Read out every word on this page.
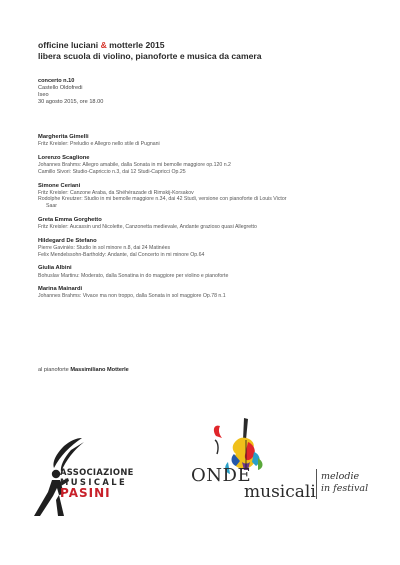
officine luciani & motterle 2015
libera scuola di violino, pianoforte e musica da camera
concerto n.10
Castello Oldofredi
Iseo
30 agosto 2015, ore 18.00
Margherita Gimelli
Fritz Kreisler: Preludio e Allegro nello stile di Pugnani
Lorenzo Scaglione
Johannes Brahms: Allegro amabile, dalla Sonata in mi bemolle maggiore op.120 n.2
Camillo Sivori: Studio-Capriccio n.3, dai 12 Studi-Capricci Op.25
Simone Ceriani
Fritz Kreisler: Canzone Araba, da Shéhérazade di Rimskij-Korsakov
Rodolphe Kreutzer: Studio in mi bemolle maggiore n.34, dai 42 Studi, versione con pianoforte di Louis Victor
Saar
Greta Emma Gorghetto
Fritz Kreisler: Aucassin und Nicolette, Canzonetta medievale, Andante grazioso quasi Allegretto
Hildegard De Stefano
Pierre Gaviniès: Studio in sol minore n.8, dai 24 Matinées
Felix Mendelssohn-Bartholdy: Andante, dal Concerto in mi minore Op.64
Giulia Albini
Bohuslav Martinu: Moderato, dalla Sonatina in do maggiore per violino e pianoforte
Marina Mainardi
Johannes Brahms: Vivace ma non troppo, dalla Sonata in sol maggiore Op.78 n.1
al pianoforte Massimiliano Motterle
ASSOCIAZIONE
MUSICALE
PASINI
ONDE
musicali
melodie
in festival
